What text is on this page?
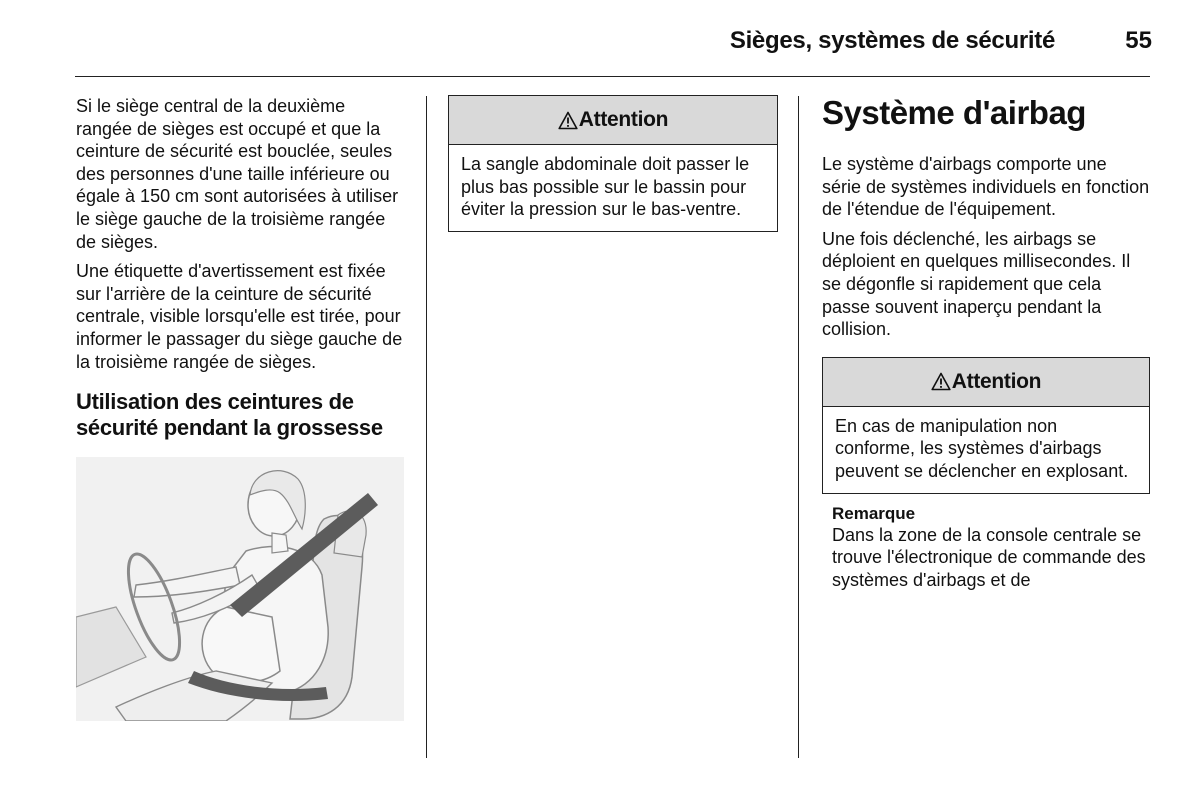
Sièges, systèmes de sécurité	55

Si le siège central de la deuxième rangée de sièges est occupé et que la ceinture de sécurité est bouclée, seules des personnes d'une taille inférieure ou égale à 150 cm sont autorisées à utiliser le siège gauche de la troisième rangée de sièges.

Une étiquette d'avertissement est fixée sur l'arrière de la ceinture de sécurité centrale, visible lorsqu'elle est tirée, pour informer le passager du siège gauche de la troisième rangée de sièges.

Utilisation des ceintures de sécurité pendant la grossesse
Attention
La sangle abdominale doit passer le plus bas possible sur le bassin pour éviter la pression sur le bas-ventre.
Système d'airbag

Le système d'airbags comporte une série de systèmes individuels en fonction de l'étendue de l'équipement.

Une fois déclenché, les airbags se déploient en quelques millisecondes. Il se dégonfle si rapidement que cela passe souvent inaperçu pendant la collision.

Attention
En cas de manipulation non conforme, les systèmes d'airbags peuvent se déclencher en explosant.
Remarque

Dans la zone de la console centrale se trouve l'électronique de commande des systèmes d'airbags et de
